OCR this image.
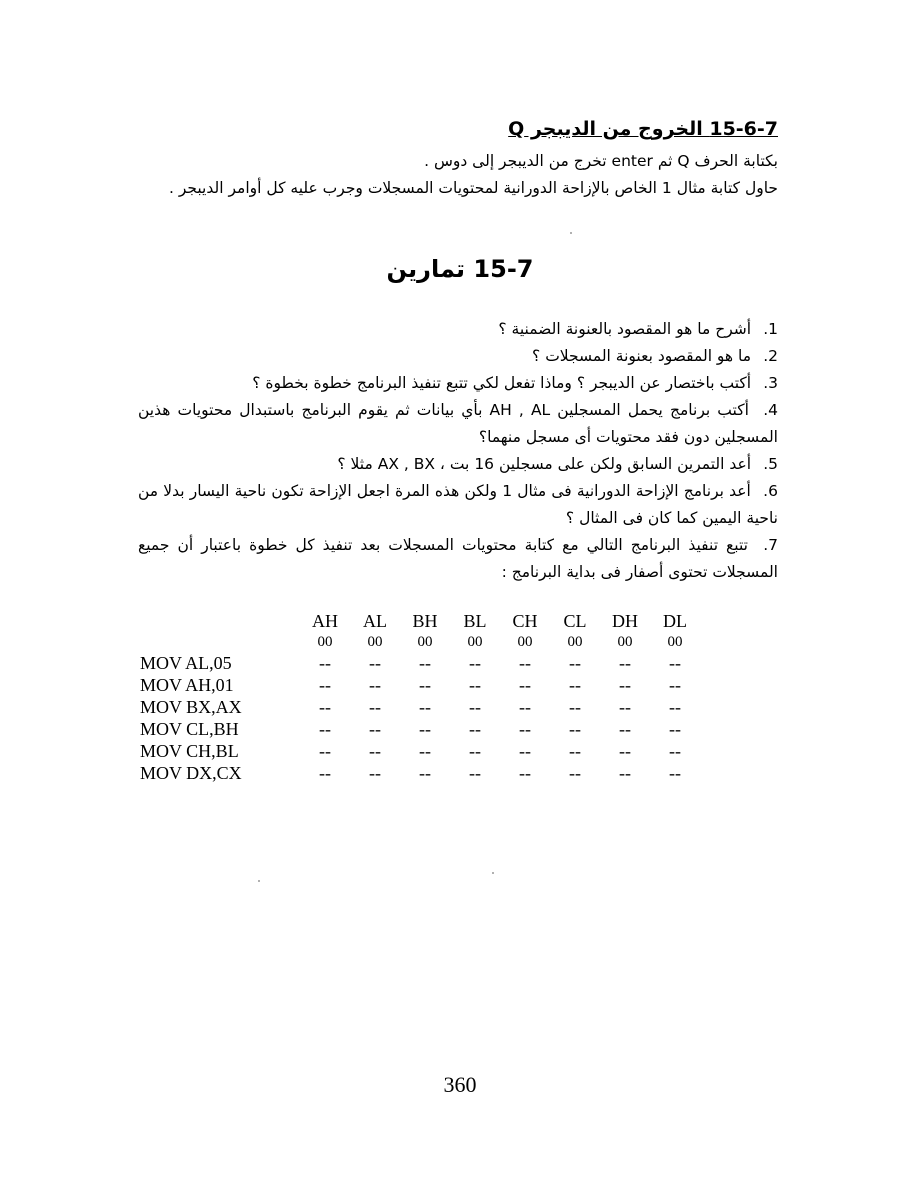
15-6-7 الخروج من الديبجر Q
بكتابة الحرف Q ثم enter تخرج من الديبجر إلى دوس .
حاول كتابة مثال 1 الخاص بالإزاحة الدورانية لمحتويات المسجلات وجرب عليه كل أوامر الديبجر .
15-7 تمارين
1. أشرح ما هو المقصود بالعنونة الضمنية ؟
2. ما هو المقصود بعنونة المسجلات ؟
3. أكتب باختصار عن الديبجر ؟ وماذا تفعل لكي تتبع تنفيذ البرنامج خطوة بخطوة ؟
4. أكتب برنامج يحمل المسجلين AH , AL بأي بيانات ثم يقوم البرنامج باستبدال محتويات هذين المسجلين دون فقد محتويات أى مسجل منهما؟
5. أعد التمرين السابق ولكن على مسجلين 16 بت ، AX , BX مثلا ؟
6. أعد برنامج الإزاحة الدورانية فى مثال 1 ولكن هذه المرة اجعل الإزاحة تكون ناحية اليسار بدلا من ناحية اليمين كما كان فى المثال ؟
7. تتبع تنفيذ البرنامج التالي مع كتابة محتويات المسجلات بعد تنفيذ كل خطوة باعتبار أن جميع المسجلات تحتوى أصفار فى بداية البرنامج :
	AH	AL	BH	BL	CH	CL	DH	DL
	00	00	00	00	00	00	00	00
MOV AL,05	--	--	--	--	--	--	--	--
MOV AH,01	--	--	--	--	--	--	--	--
MOV BX,AX	--	--	--	--	--	--	--	--
MOV CL,BH	--	--	--	--	--	--	--	--
MOV CH,BL	--	--	--	--	--	--	--	--
MOV DX,CX	--	--	--	--	--	--	--	--
360
